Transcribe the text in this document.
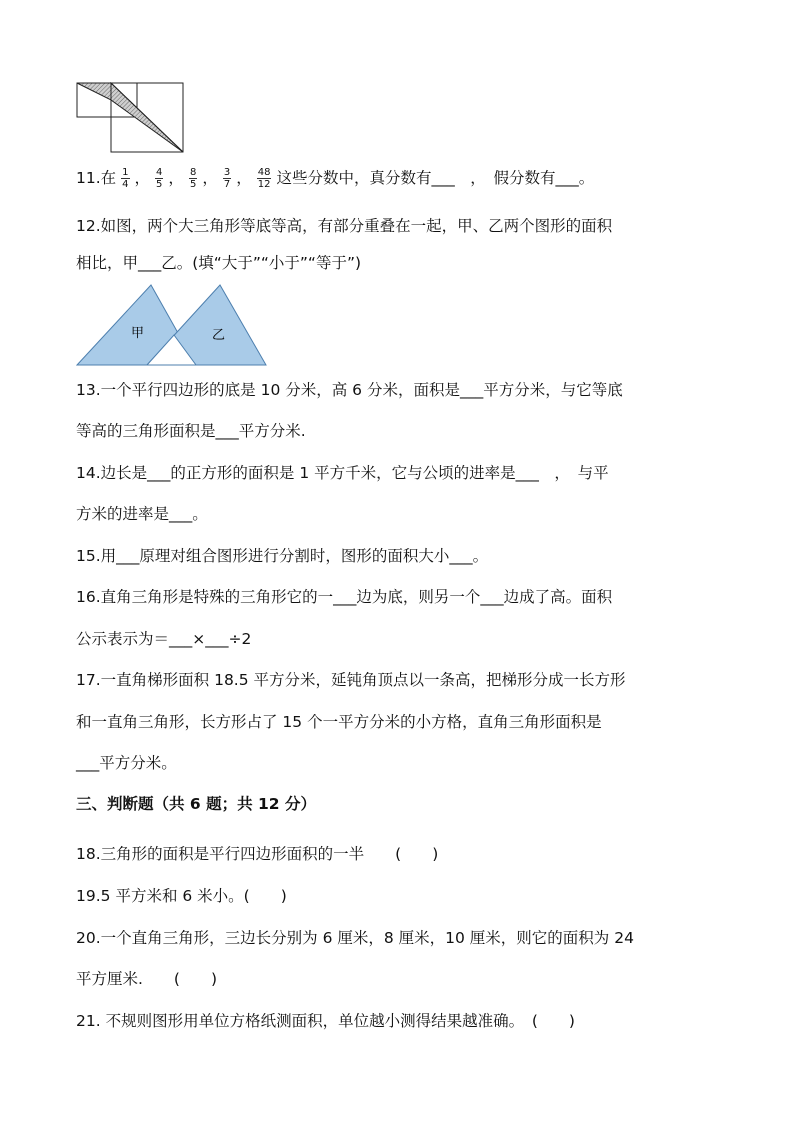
11.在 $\frac{1}{4}$ ， $\frac{4}{5}$ ， $\frac{8}{5}$ ， $\frac{3}{7}$ ， $\frac{48}{12}$ 这些分数中，真分数有___　，　假分数有___。

12.如图，两个大三角形等底等高，有部分重叠在一起，甲、乙两个图形的面积

相比，甲___乙。(填“大于”“小于”“等于”)

甲	乙

13.一个平行四边形的底是 10 分米，高 6 分米，面积是___平方分米，与它等底

等高的三角形面积是___平方分米.

14.边长是___的正方形的面积是 1 平方千米，它与公顷的进率是___　，　与平

方米的进率是___。

15.用___原理对组合图形进行分割时，图形的面积大小___。

16.直角三角形是特殊的三角形它的一___边为底，则另一个___边成了高。面积

公示表示为＝___×___÷2

17.一直角梯形面积 18.5 平方分米，延钝角顶点以一条高，把梯形分成一长方形

和一直角三角形，长方形占了 15 个一平方分米的小方格，直角三角形面积是

___平方分米。

三、判断题（共 6 题；共 12 分）

18.三角形的面积是平行四边形面积的一半　　(　　)

19.5 平方米和 6 米小。(　　)

20.一个直角三角形，三边长分别为 6 厘米，8 厘米，10 厘米，则它的面积为 24

平方厘米.　　(　　)

21. 不规则图形用单位方格纸测面积，单位越小测得结果越准确。　(　　)
